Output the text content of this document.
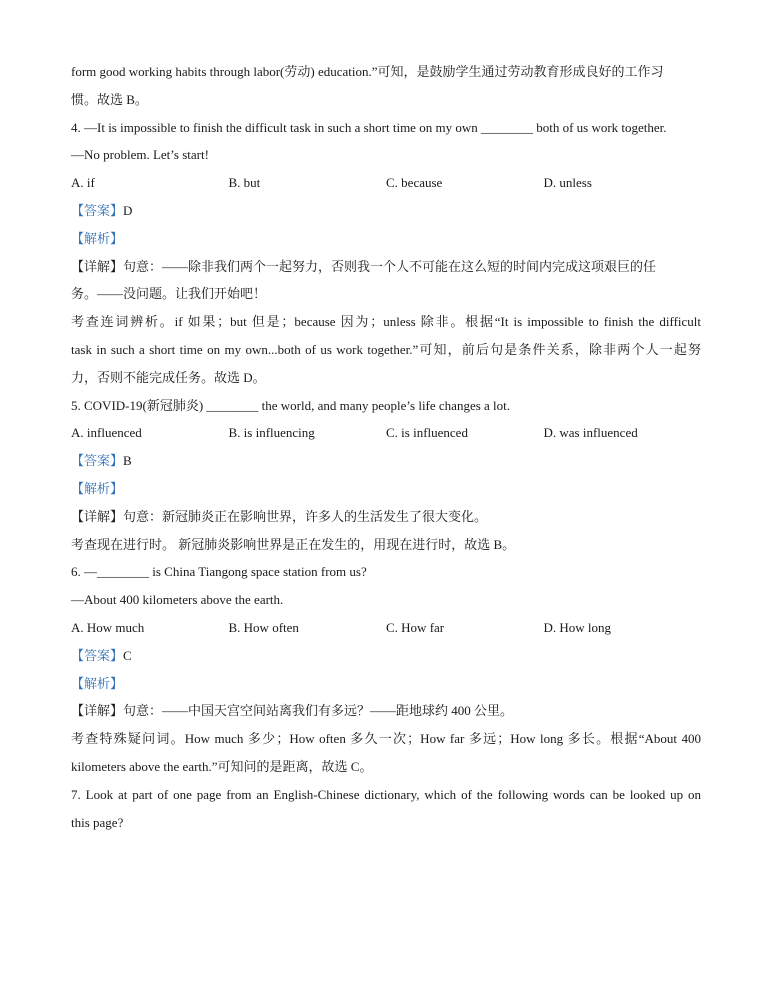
form good working habits through labor(劳动) education.”可知，是鼓励学生通过劳动教育形成良好的工作习
惯。故选 B。
4. —It is impossible to finish the difficult task in such a short time on my own ________ both of us work together.
—No problem. Let’s start!
A. if	B. but	C. because	D. unless
【答案】D
【解析】
【详解】句意：——除非我们两个一起努力，否则我一个人不可能在这么短的时间内完成这项艰巨的任
务。——没问题。让我们开始吧！
考查连词辨析。if 如果；but 但是；because 因为；unless 除非。根据“It is impossible to finish the difficult
task in such a short time on my own...both of us work together.”可知，前后句是条件关系，除非两个人一起努
力，否则不能完成任务。故选 D。
5. COVID-19(新冠肺炎) ________ the world, and many people’s life changes a lot.
A. influenced	B. is influencing	C. is influenced	D. was influenced
【答案】B
【解析】
【详解】句意：新冠肺炎正在影响世界，许多人的生活发生了很大变化。
考查现在进行时。 新冠肺炎影响世界是正在发生的，用现在进行时，故选 B。
6. —________ is China Tiangong space station from us?
—About 400 kilometers above the earth.
A. How much	B. How often	C. How far	D. How long
【答案】C
【解析】
【详解】句意：——中国天宫空间站离我们有多远？——距地球约 400 公里。
考查特殊疑问词。How much 多少；How often 多久一次；How far 多远；How long 多长。根据“About 400
kilometers above the earth.”可知问的是距离，故选 C。
7. Look at part of one page from an English-Chinese dictionary, which of the following words can be looked up on
this page?
